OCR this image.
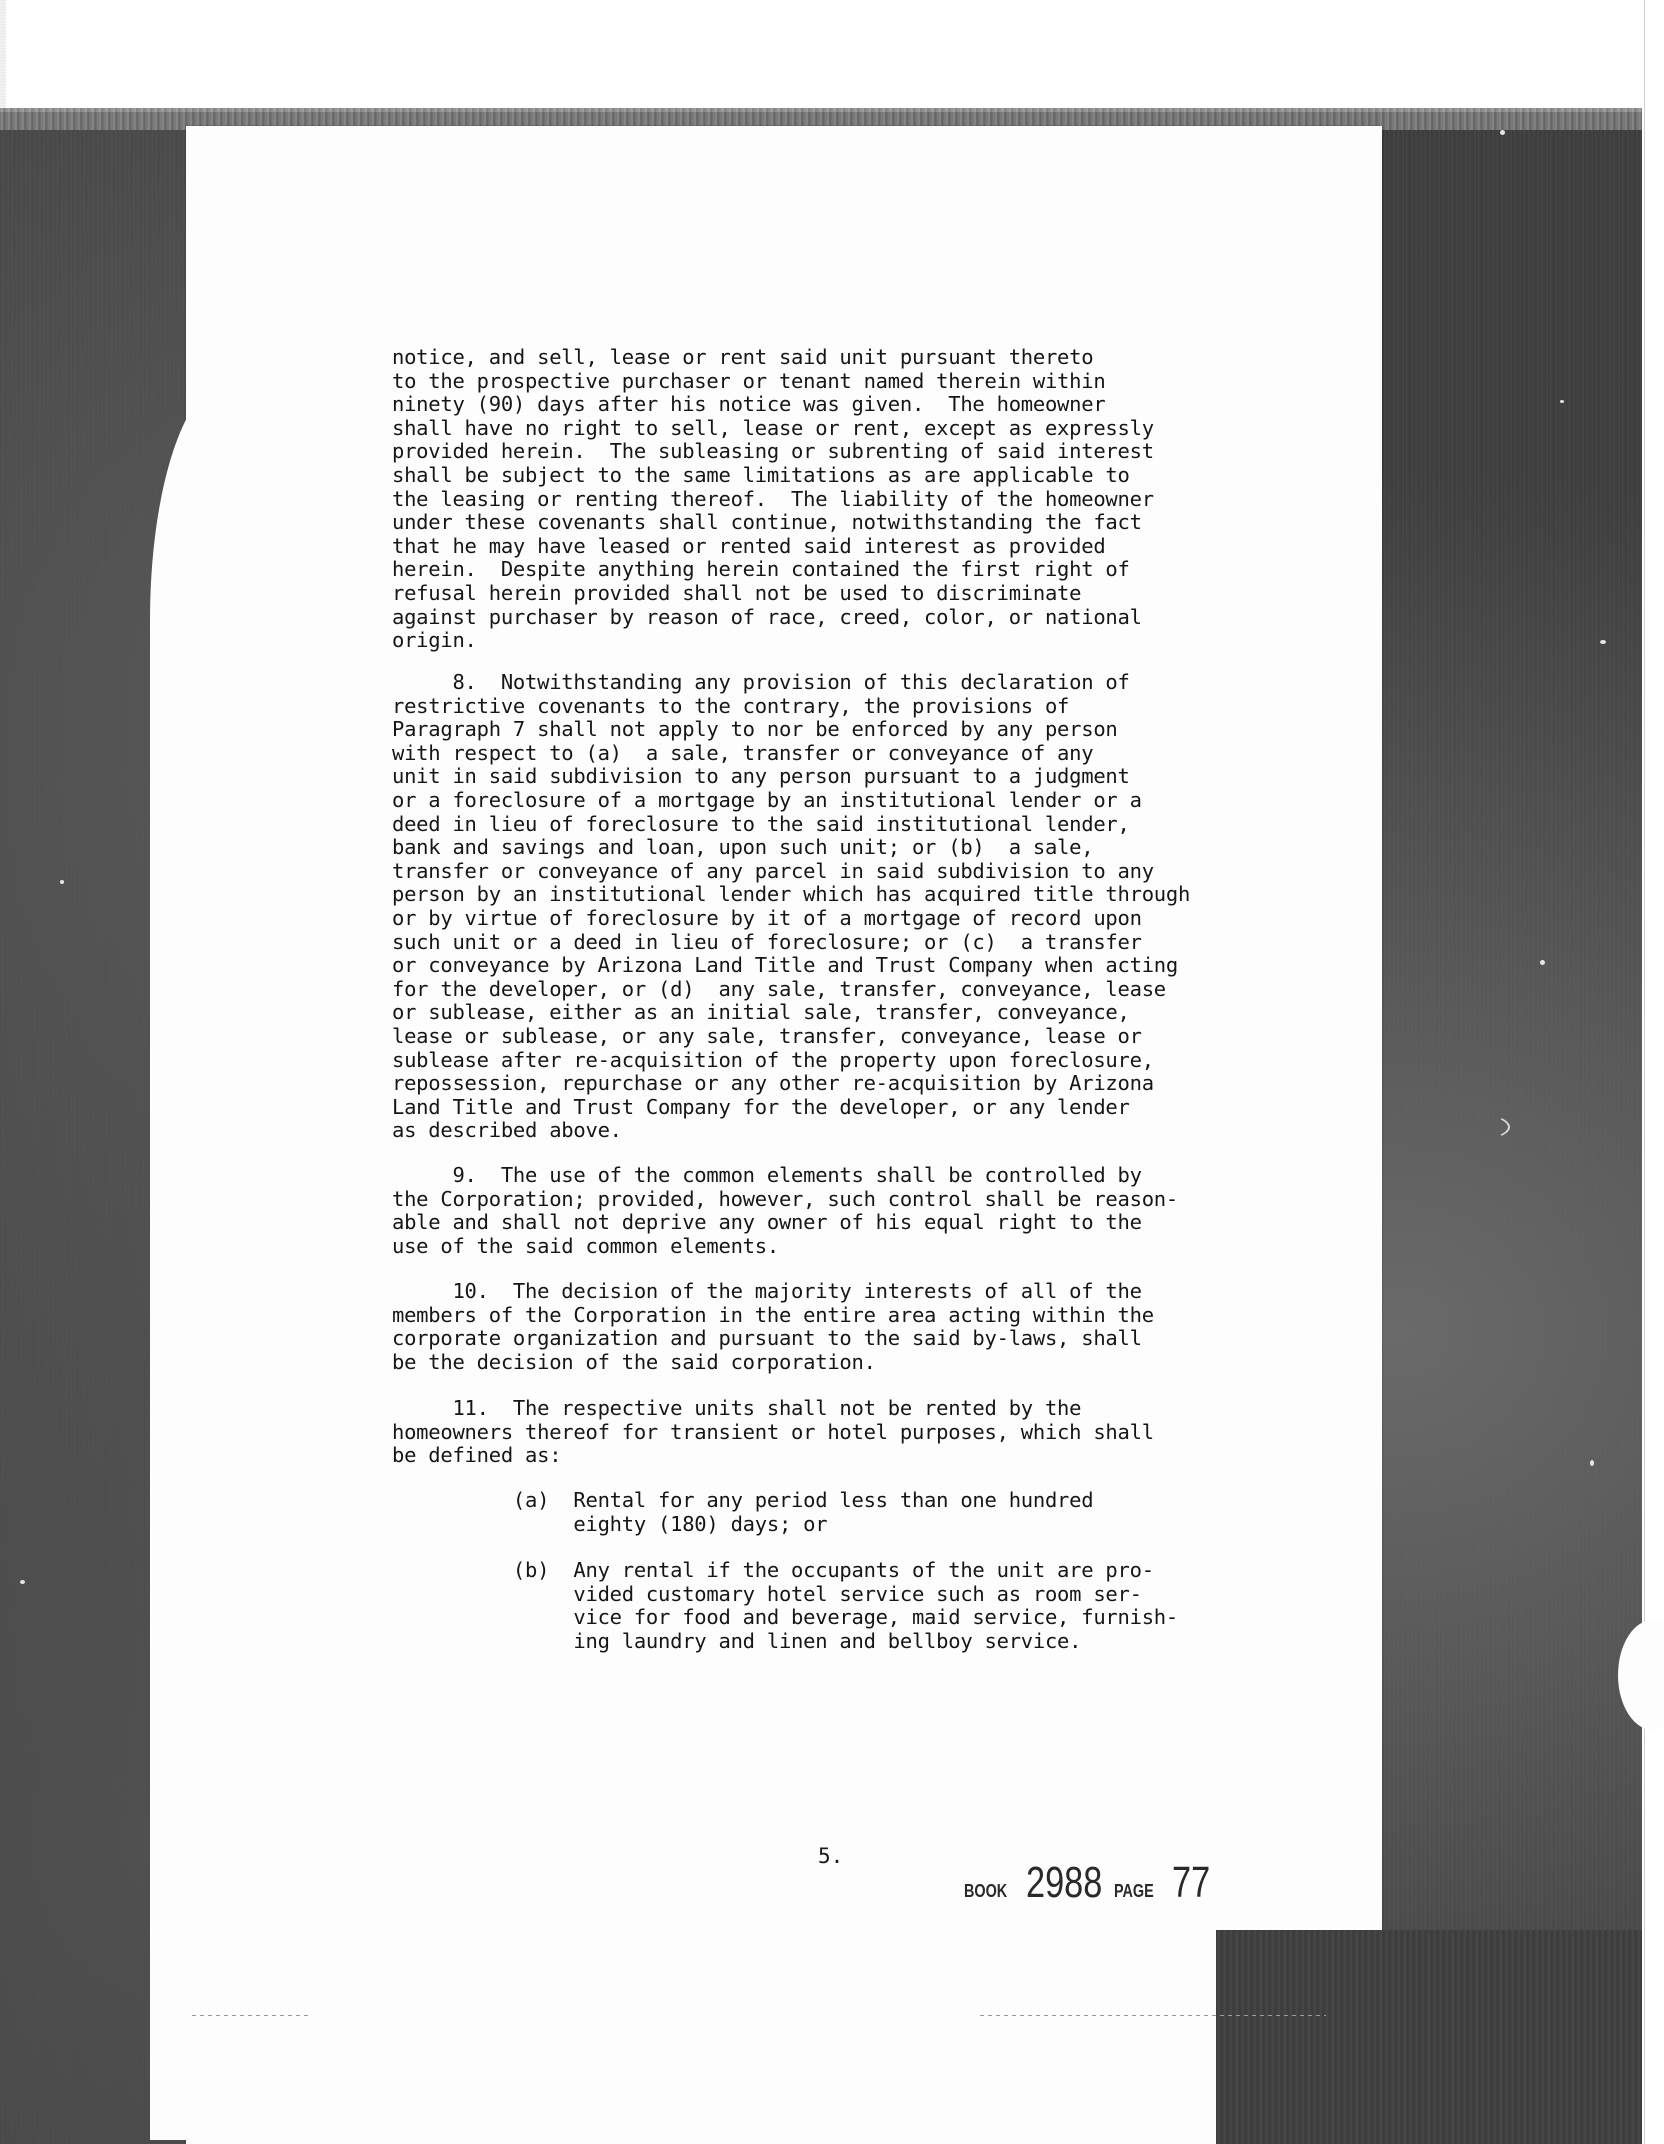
notice, and sell, lease or rent said unit pursuant thereto
to the prospective purchaser or tenant named therein within
ninety (90) days after his notice was given.  The homeowner
shall have no right to sell, lease or rent, except as expressly
provided herein.  The subleasing or subrenting of said interest
shall be subject to the same limitations as are applicable to
the leasing or renting thereof.  The liability of the homeowner
under these covenants shall continue, notwithstanding the fact
that he may have leased or rented said interest as provided
herein.  Despite anything herein contained the first right of
refusal herein provided shall not be used to discriminate
against purchaser by reason of race, creed, color, or national
origin.
8.  Notwithstanding any provision of this declaration of
restrictive covenants to the contrary, the provisions of
Paragraph 7 shall not apply to nor be enforced by any person
with respect to (a)  a sale, transfer or conveyance of any
unit in said subdivision to any person pursuant to a judgment
or a foreclosure of a mortgage by an institutional lender or a
deed in lieu of foreclosure to the said institutional lender,
bank and savings and loan, upon such unit; or (b)  a sale,
transfer or conveyance of any parcel in said subdivision to any
person by an institutional lender which has acquired title through
or by virtue of foreclosure by it of a mortgage of record upon
such unit or a deed in lieu of foreclosure; or (c)  a transfer
or conveyance by Arizona Land Title and Trust Company when acting
for the developer, or (d)  any sale, transfer, conveyance, lease
or sublease, either as an initial sale, transfer, conveyance,
lease or sublease, or any sale, transfer, conveyance, lease or
sublease after re-acquisition of the property upon foreclosure,
repossession, repurchase or any other re-acquisition by Arizona
Land Title and Trust Company for the developer, or any lender
as described above.
9.  The use of the common elements shall be controlled by
the Corporation; provided, however, such control shall be reason-
able and shall not deprive any owner of his equal right to the
use of the said common elements.
10.  The decision of the majority interests of all of the
members of the Corporation in the entire area acting within the
corporate organization and pursuant to the said by-laws, shall
be the decision of the said corporation.
11.  The respective units shall not be rented by the
homeowners thereof for transient or hotel purposes, which shall
be defined as:
(a)  Rental for any period less than one hundred
eighty (180) days; or
(b)  Any rental if the occupants of the unit are pro-
vided customary hotel service such as room ser-
vice for food and beverage, maid service, furnish-
ing laundry and linen and bellboy service.
5.
BOOK 2988 PAGE 77
